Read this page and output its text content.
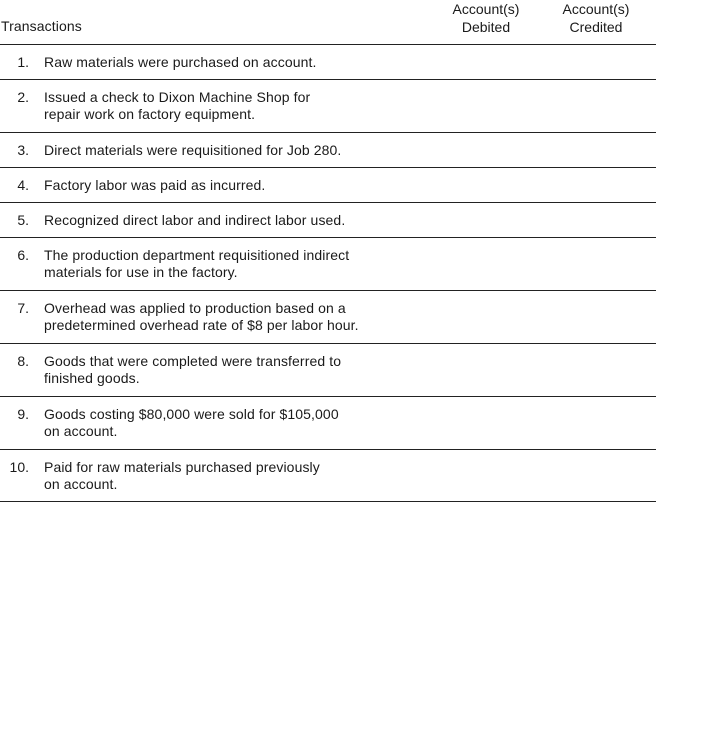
Transactions
Account(s)
Debited
Account(s)
Credited
1. Raw materials were purchased on account.
2. Issued a check to Dixon Machine Shop for
repair work on factory equipment.
3. Direct materials were requisitioned for Job 280.
4. Factory labor was paid as incurred.
5. Recognized direct labor and indirect labor used.
6. The production department requisitioned indirect
materials for use in the factory.
7. Overhead was applied to production based on a
predetermined overhead rate of $8 per labor hour.
8. Goods that were completed were transferred to
finished goods.
9. Goods costing $80,000 were sold for $105,000
on account.
10. Paid for raw materials purchased previously
on account.
